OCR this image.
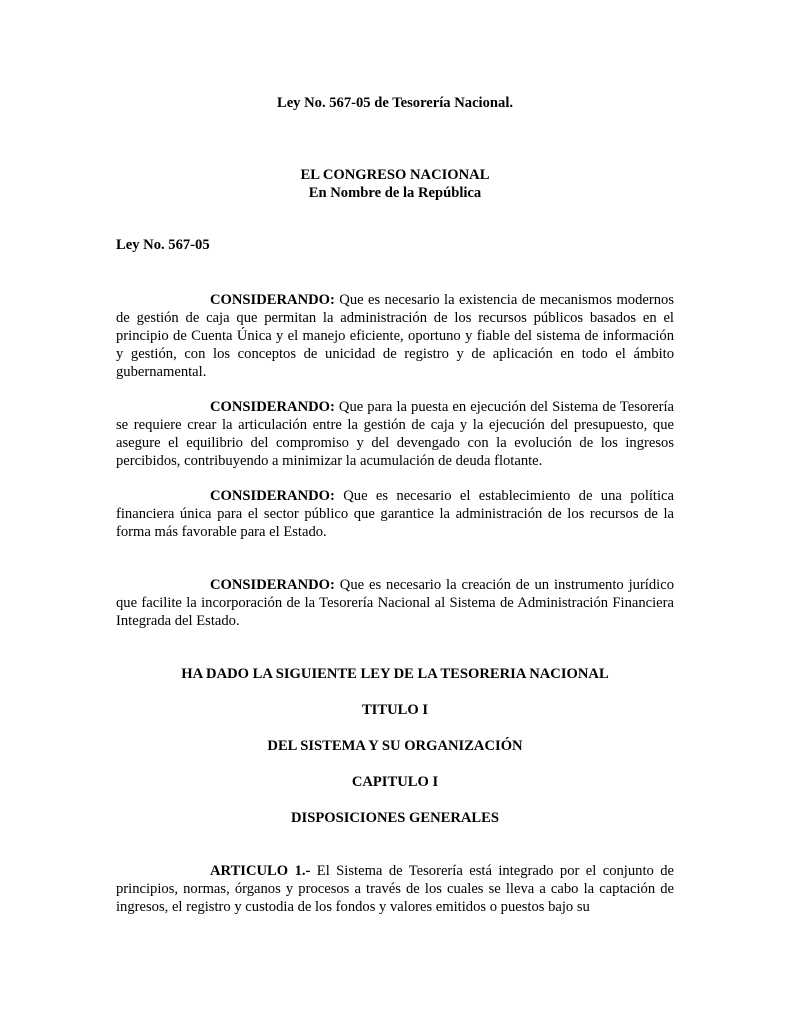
Ley No. 567-05 de Tesorería Nacional.

EL CONGRESO NACIONAL

En Nombre de la República

Ley No. 567-05

CONSIDERANDO: Que es necesario la existencia de mecanismos modernos de gestión de caja que permitan la administración de los recursos públicos basados en el principio de Cuenta Única y el manejo eficiente, oportuno y fiable del sistema de información y gestión, con los conceptos de unicidad de registro y de aplicación en todo el ámbito gubernamental.

CONSIDERANDO: Que para la puesta en ejecución del Sistema de Tesorería se requiere crear la articulación entre la gestión de caja y la ejecución del presupuesto, que asegure el equilibrio del compromiso y del devengado con la evolución de los ingresos percibidos, contribuyendo a minimizar la acumulación de deuda flotante.

CONSIDERANDO: Que es necesario el establecimiento de una política financiera única para el sector público que garantice la administración de los recursos de la forma más favorable para el Estado.

CONSIDERANDO: Que es necesario la creación de un instrumento jurídico que facilite la incorporación de la Tesorería Nacional al Sistema de Administración Financiera Integrada del Estado.

HA DADO LA SIGUIENTE LEY DE LA TESORERIA NACIONAL

TITULO I

DEL SISTEMA Y SU ORGANIZACIÓN

CAPITULO I

DISPOSICIONES GENERALES

ARTICULO 1.- El Sistema de Tesorería está integrado por el conjunto de principios, normas, órganos y procesos a través de los cuales se lleva a cabo la captación de ingresos, el registro y custodia de los fondos y valores emitidos o puestos bajo su
